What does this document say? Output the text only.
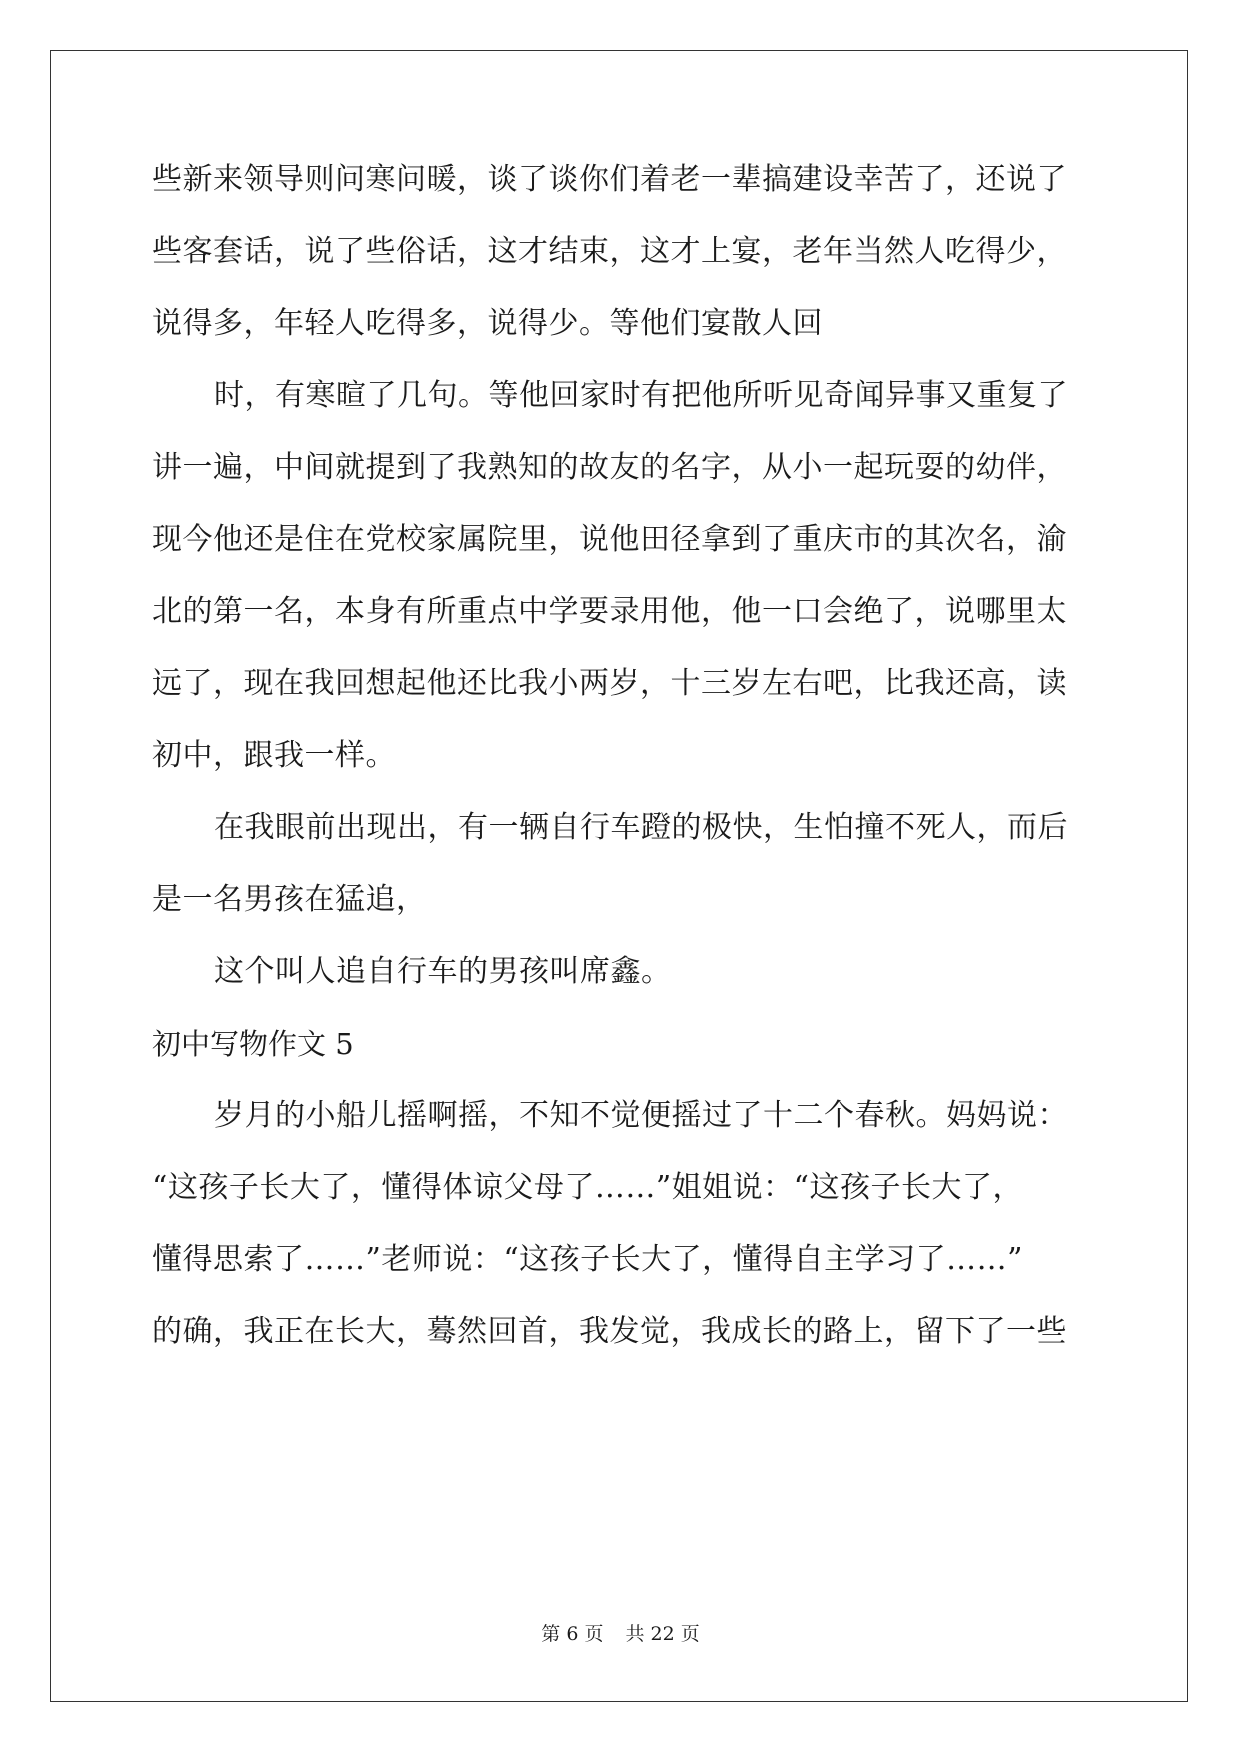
些新来领导则问寒问暖，谈了谈你们着老一辈搞建设幸苦了，还说了
些客套话，说了些俗话，这才结束，这才上宴，老年当然人吃得少，
说得多，年轻人吃得多，说得少。等他们宴散人回
时，有寒暄了几句。等他回家时有把他所听见奇闻异事又重复了
讲一遍，中间就提到了我熟知的故友的名字，从小一起玩耍的幼伴，
现今他还是住在党校家属院里，说他田径拿到了重庆市的其次名，渝
北的第一名，本身有所重点中学要录用他，他一口会绝了，说哪里太
远了，现在我回想起他还比我小两岁，十三岁左右吧，比我还高，读
初中，跟我一样。
在我眼前出现出，有一辆自行车蹬的极快，生怕撞不死人，而后
是一名男孩在猛追，
这个叫人追自行车的男孩叫席鑫。
初中写物作文 5
岁月的小船儿摇啊摇，不知不觉便摇过了十二个春秋。妈妈说：
“这孩子长大了，懂得体谅父母了……”姐姐说：“这孩子长大了，
懂得思索了……”老师说：“这孩子长大了，懂得自主学习了……”
的确，我正在长大，蓦然回首，我发觉，我成长的路上，留下了一些
第 6 页 共 22 页
